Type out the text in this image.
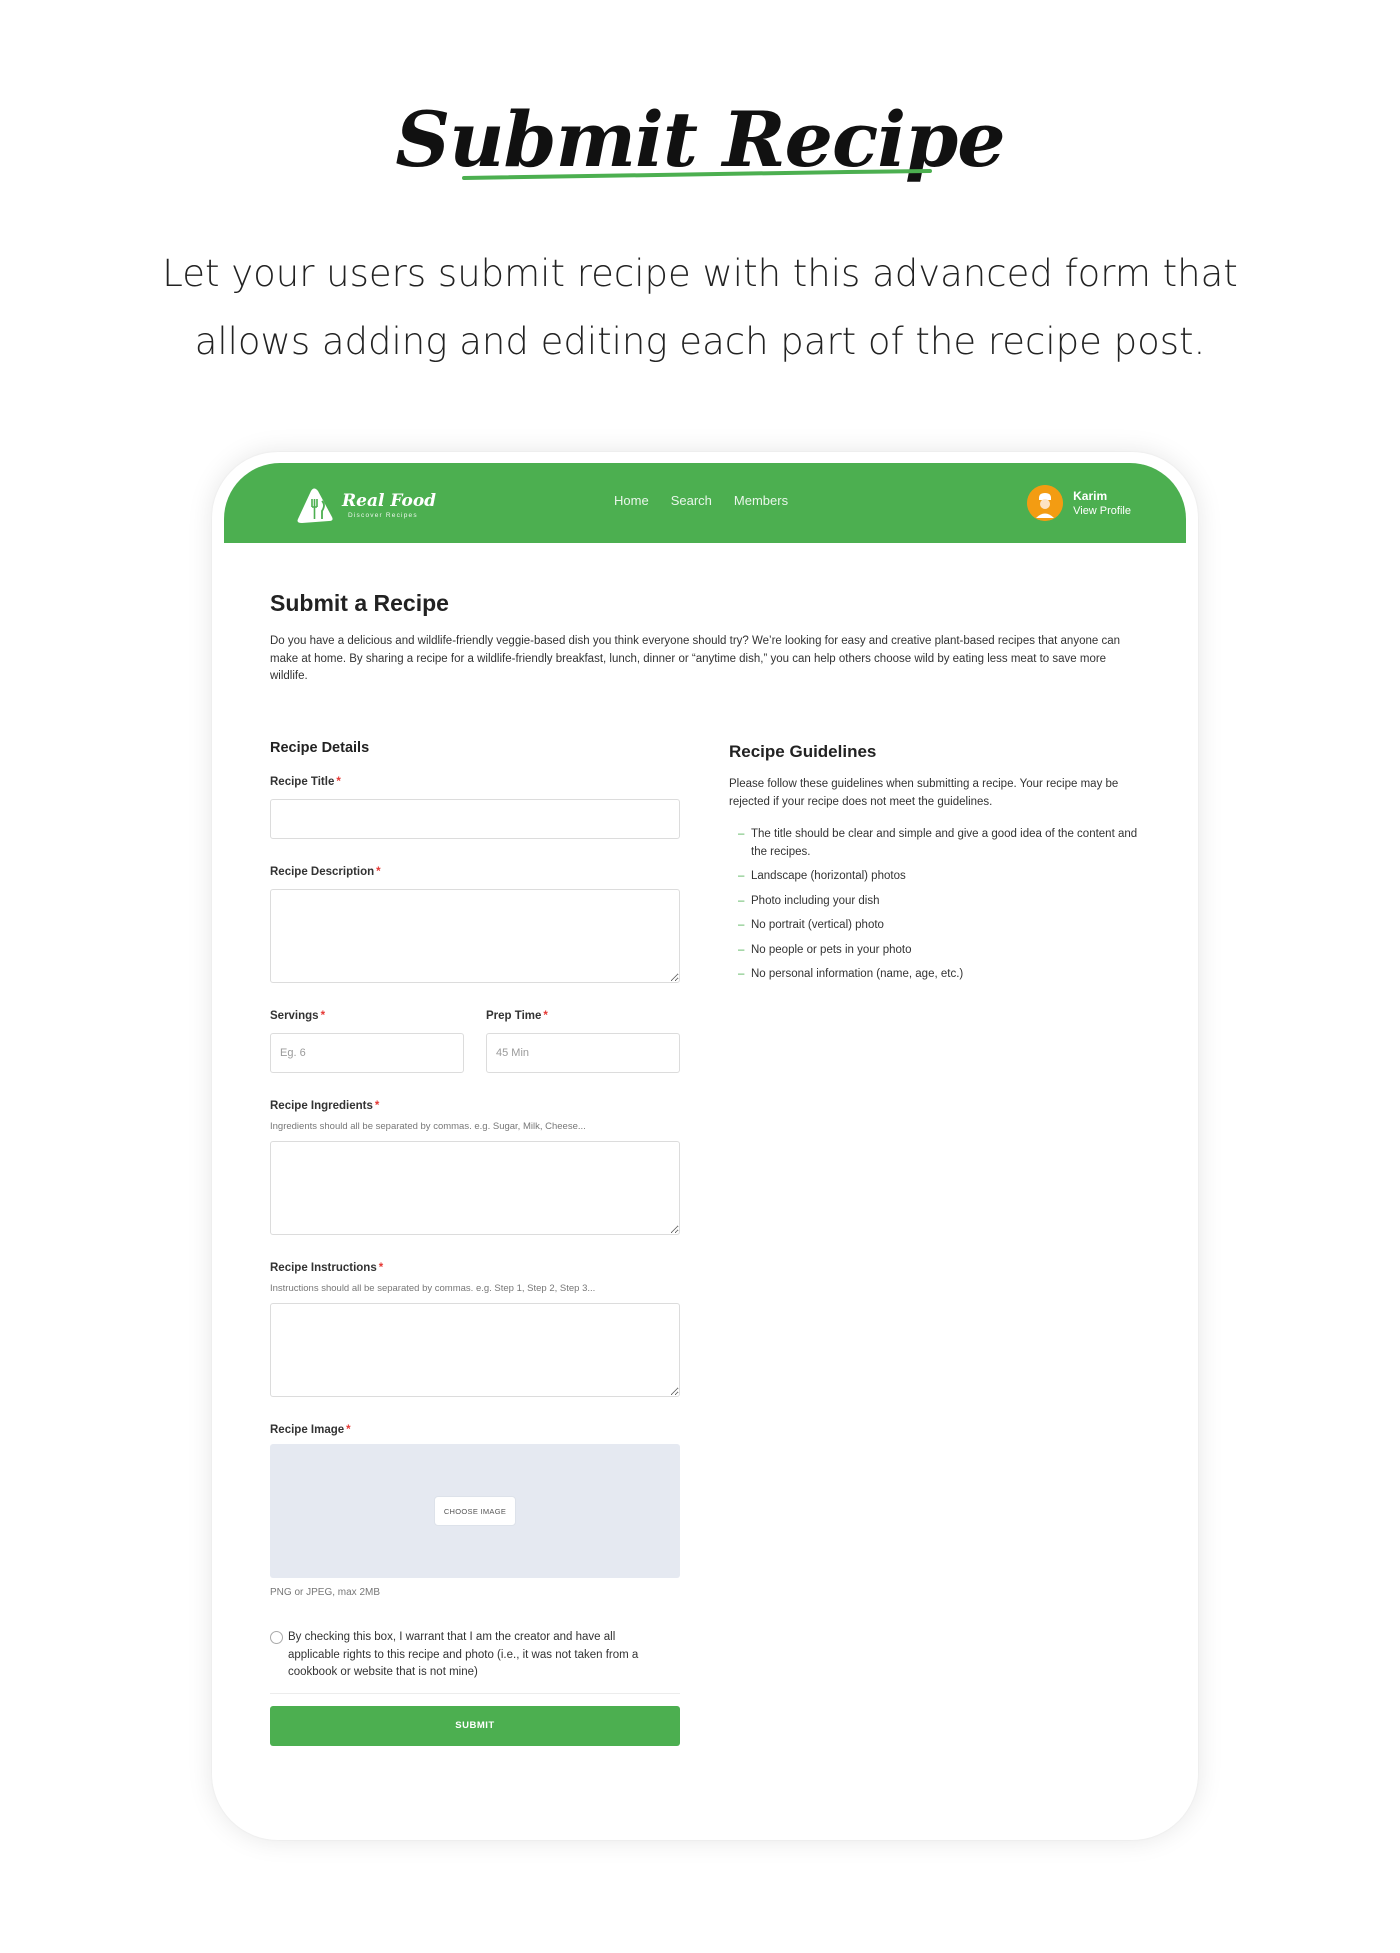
Submit Recipe

Let your users submit recipe with this advanced form that
allows adding and editing each part of the recipe post.

Real Food
Discover Recipes
Home Search Members	Karim
View Profile
Submit a Recipe

Do you have a delicious and wildlife-friendly veggie-based dish you think everyone should try? We’re looking for easy and creative plant-based recipes that anyone can make at home. By sharing a recipe for a wildlife-friendly breakfast, lunch, dinner or “anytime dish,” you can help others choose wild by eating less meat to save more wildlife.

Recipe Details
Recipe Title *
Recipe Description *
Servings *
Eg. 6	Prep Time *
45 Min
Recipe Ingredients *

Ingredients should all be separated by commas. e.g. Sugar, Milk, Cheese...

Recipe Instructions *

Instructions should all be separated by commas. e.g. Step 1, Step 2, Step 3...

Recipe Image *
CHOOSE IMAGE

PNG or JPEG, max 2MB

By checking this box, I warrant that I am the creator and have all applicable rights to this recipe and photo (i.e., it was not taken from a cookbook or website that is not mine)
SUBMIT
Recipe Guidelines

Please follow these guidelines when submitting a recipe. Your recipe may be rejected if your recipe does not meet the guidelines.

– The title should be clear and simple and give a good idea of the content and the recipes.
– Landscape (horizontal) photos
– Photo including your dish
– No portrait (vertical) photo
– No people or pets in your photo
– No personal information (name, age, etc.)
